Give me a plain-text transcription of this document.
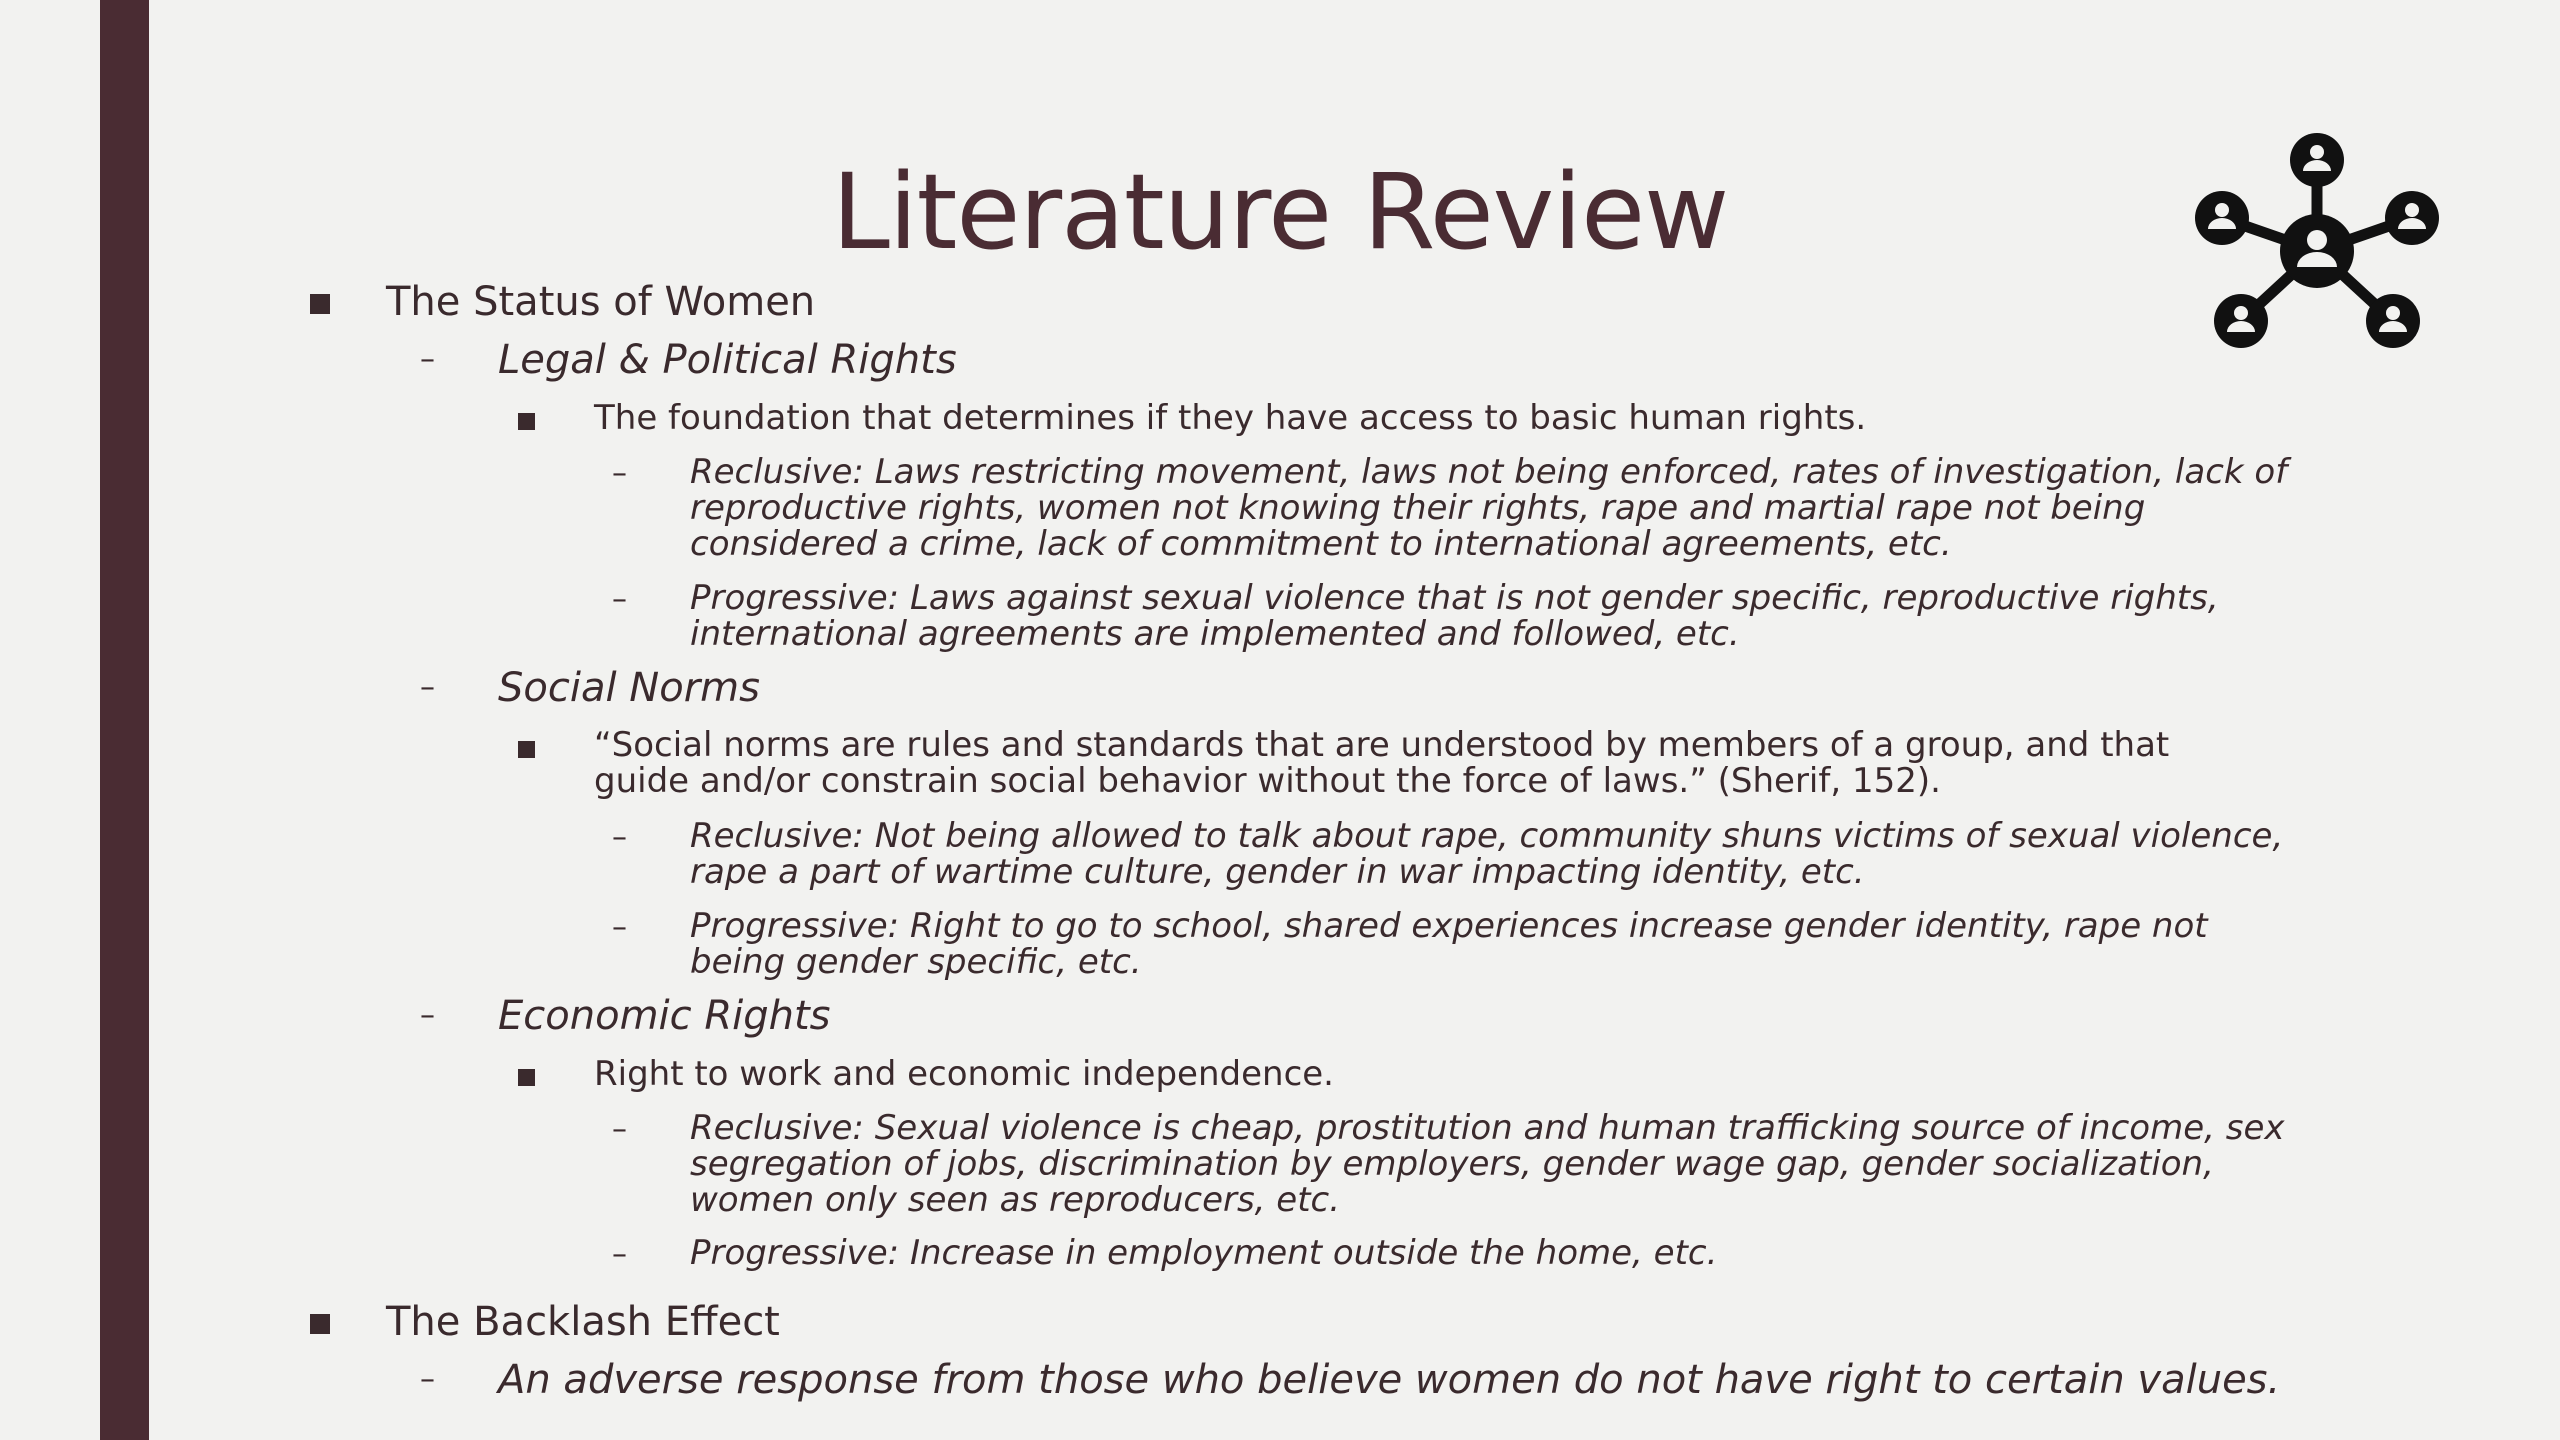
Literature Review

The Status of Women

– Legal & Political Rights

The foundation that determines if they have access to basic human rights.

– Reclusive: Laws restricting movement, laws not being enforced, rates of investigation, lack of reproductive rights, women not knowing their rights, rape and martial rape not being considered a crime, lack of commitment to international agreements, etc.

– Progressive: Laws against sexual violence that is not gender specific, reproductive rights, international agreements are implemented and followed, etc.

– Social Norms

“Social norms are rules and standards that are understood by members of a group, and that guide and/or constrain social behavior without the force of laws.” (Sherif, 152).

– Reclusive: Not being allowed to talk about rape, community shuns victims of sexual violence, rape a part of wartime culture, gender in war impacting identity, etc.

– Progressive: Right to go to school, shared experiences increase gender identity, rape not being gender specific, etc.

– Economic Rights

Right to work and economic independence.

– Reclusive: Sexual violence is cheap, prostitution and human trafficking source of income, sex segregation of jobs, discrimination by employers, gender wage gap, gender socialization, women only seen as reproducers, etc.

– Progressive: Increase in employment outside the home, etc.

The Backlash Effect

– An adverse response from those who believe women do not have right to certain values.
